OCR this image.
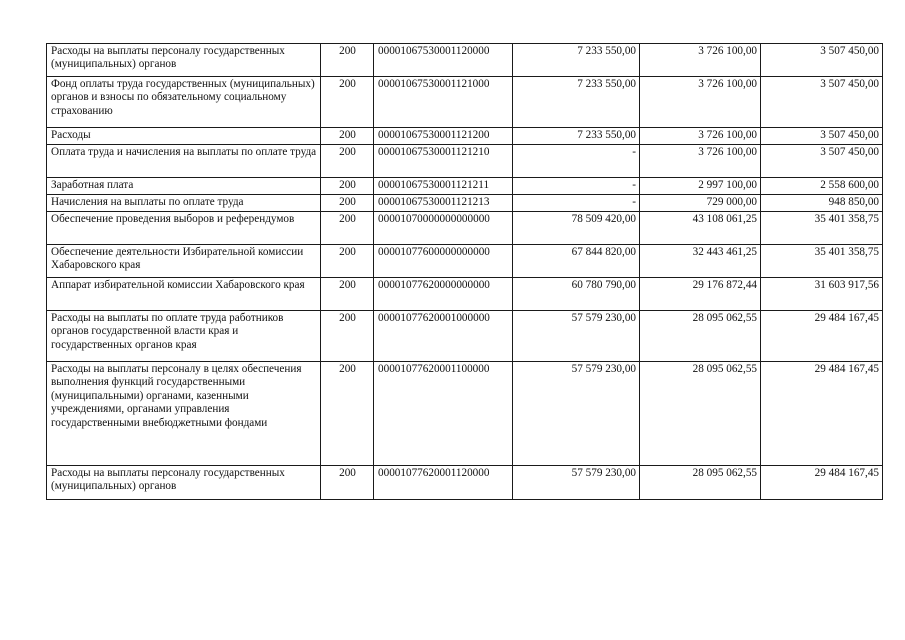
Расходы на выплаты персоналу государственных (муниципальных) органов	200	00001067530001120000	7 233 550,00	3 726 100,00	3 507 450,00
Фонд оплаты труда государственных (муниципальных) органов и взносы по обязательному социальному страхованию	200	00001067530001121000	7 233 550,00	3 726 100,00	3 507 450,00
Расходы	200	00001067530001121200	7 233 550,00	3 726 100,00	3 507 450,00
Оплата труда и начисления на выплаты по оплате труда	200	00001067530001121210	-	3 726 100,00	3 507 450,00
Заработная плата	200	00001067530001121211	-	2 997 100,00	2 558 600,00
Начисления на выплаты по оплате труда	200	00001067530001121213	-	729 000,00	948 850,00
Обеспечение проведения выборов и референдумов	200	00001070000000000000	78 509 420,00	43 108 061,25	35 401 358,75
Обеспечение деятельности Избирательной комиссии Хабаровского края	200	00001077600000000000	67 844 820,00	32 443 461,25	35 401 358,75
Аппарат избирательной комиссии Хабаровского края	200	00001077620000000000	60 780 790,00	29 176 872,44	31 603 917,56
Расходы на выплаты по оплате труда работников органов государственной власти края и государственных органов края	200	00001077620001000000	57 579 230,00	28 095 062,55	29 484 167,45
Расходы на выплаты персоналу в целях обеспечения выполнения функций государственными (муниципальными) органами, казенными учреждениями, органами управления государственными внебюджетными фондами	200	00001077620001100000	57 579 230,00	28 095 062,55	29 484 167,45
Расходы на выплаты персоналу государственных (муниципальных) органов	200	00001077620001120000	57 579 230,00	28 095 062,55	29 484 167,45
